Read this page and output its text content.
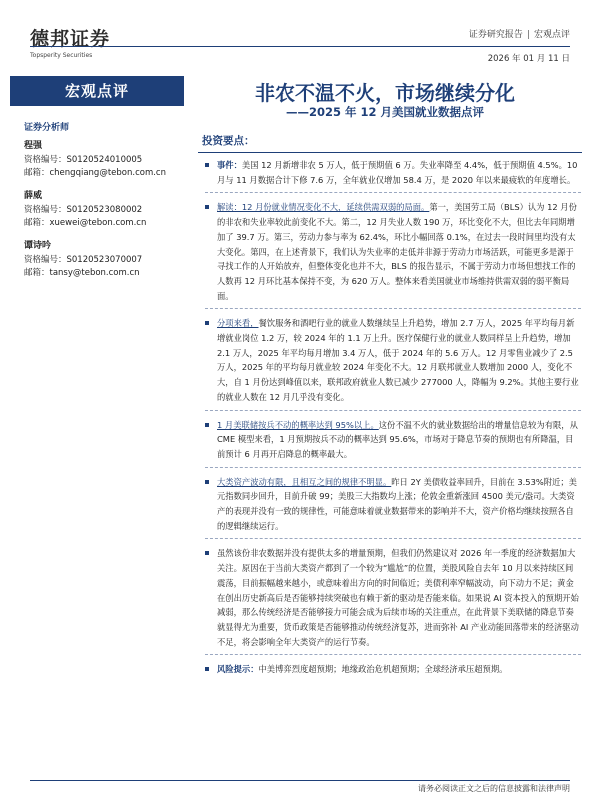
德邦证券
Topsperity Securities
证券研究报告 | 宏观点评
2026 年 01 月 11 日
宏观点评	非农不温不火，市场继续分化
——2025 年 12 月美国就业数据点评
证券分析师
程强
资格编号：S0120524010005
邮箱：chengqiang@tebon.com.cn
薛威
资格编号：S0120523080002
邮箱：xuewei@tebon.com.cn
谭诗吟
资格编号：S0120523070007
邮箱：tansy@tebon.com.cn
投资要点：
事件：美国 12 月新增非农 5 万人，低于预期值 6 万。失业率降至 4.4%，低于预期值 4.5%。10 月与 11 月数据合计下修 7.6 万，全年就业仅增加 58.4 万，是 2020 年以来最疲软的年度增长。
解读：12 月份就业情况变化不大，延续供需双弱的局面。第一，美国劳工局（BLS）认为 12 月份的非农和失业率较此前变化不大。第二，12 月失业人数 190 万，环比变化不大，但比去年同期增加了 39.7 万。第三，劳动力参与率为 62.4%，环比小幅回落 0.1%，在过去一段时间里均没有太大变化。第四，在上述背景下，我们认为失业率的走低并非源于劳动力市场活跃，可能更多是源于寻找工作的人开始放弃，但整体变化也并不大，BLS 的报告显示，不属于劳动力市场但想找工作的人数再 12 月环比基本保持不变，为 620 万人。整体来看美国就业市场维持供需双弱的弱平衡局面。
分项来看，餐饮服务和酒吧行业的就业人数继续呈上升趋势，增加 2.7 万人，2025 年平均每月新增就业岗位 1.2 万，较 2024 年的 1.1 万上升。医疗保健行业的就业人数同样呈上升趋势，增加 2.1 万人，2025 年平均每月增加 3.4 万人，低于 2024 年的 5.6 万人。12 月零售业减少了 2.5 万人，2025 年的平均每月就业较 2024 年变化不大。12 月联邦就业人数增加 2000 人，变化不大，自 1 月份达到峰值以来，联邦政府就业人数已减少 277000 人，降幅为 9.2%。其他主要行业的就业人数在 12 月几乎没有变化。
1 月美联储按兵不动的概率达到 95%以上。这份不温不火的就业数据给出的增量信息较为有限，从 CME 模型来看，1 月预期按兵不动的概率达到 95.6%，市场对于降息节奏的预期也有所降温，目前预计 6 月再开启降息的概率最大。
大类资产波动有限，且相互之间的规律不明显。昨日 2Y 美债收益率回升，目前在 3.53%附近；美元指数同步回升，目前升破 99；美股三大指数均上涨；伦敦金重新涨回 4500 美元/盎司。大类资产的表现并没有一致的规律性，可能意味着就业数据带来的影响并不大，资产价格均继续按照各自的逻辑继续运行。
虽然该份非农数据并没有提供太多的增量预期，但我们仍然建议对 2026 年一季度的经济数据加大关注。原因在于当前大类资产都到了一个较为“尴尬”的位置，美股风险自去年 10 月以来持续区间震荡，目前振幅越来越小，或意味着出方向的时间临近；美债利率窄幅波动，向下动力不足；黄金在创出历史新高后是否能够持续突破也有赖于新的驱动是否能来临。如果说 AI 资本投入的预期开始减弱，那么传统经济是否能够接力可能会成为后续市场的关注重点，在此背景下美联储的降息节奏就显得尤为重要，货币政策是否能够推动传统经济复苏，进而弥补 AI 产业动能回落带来的经济驱动不足，将会影响全年大类资产的运行节奏。
风险提示：中美博弈烈度超预期；地缘政治危机超预期；全球经济承压超预期。
请务必阅读正文之后的信息披露和法律声明
